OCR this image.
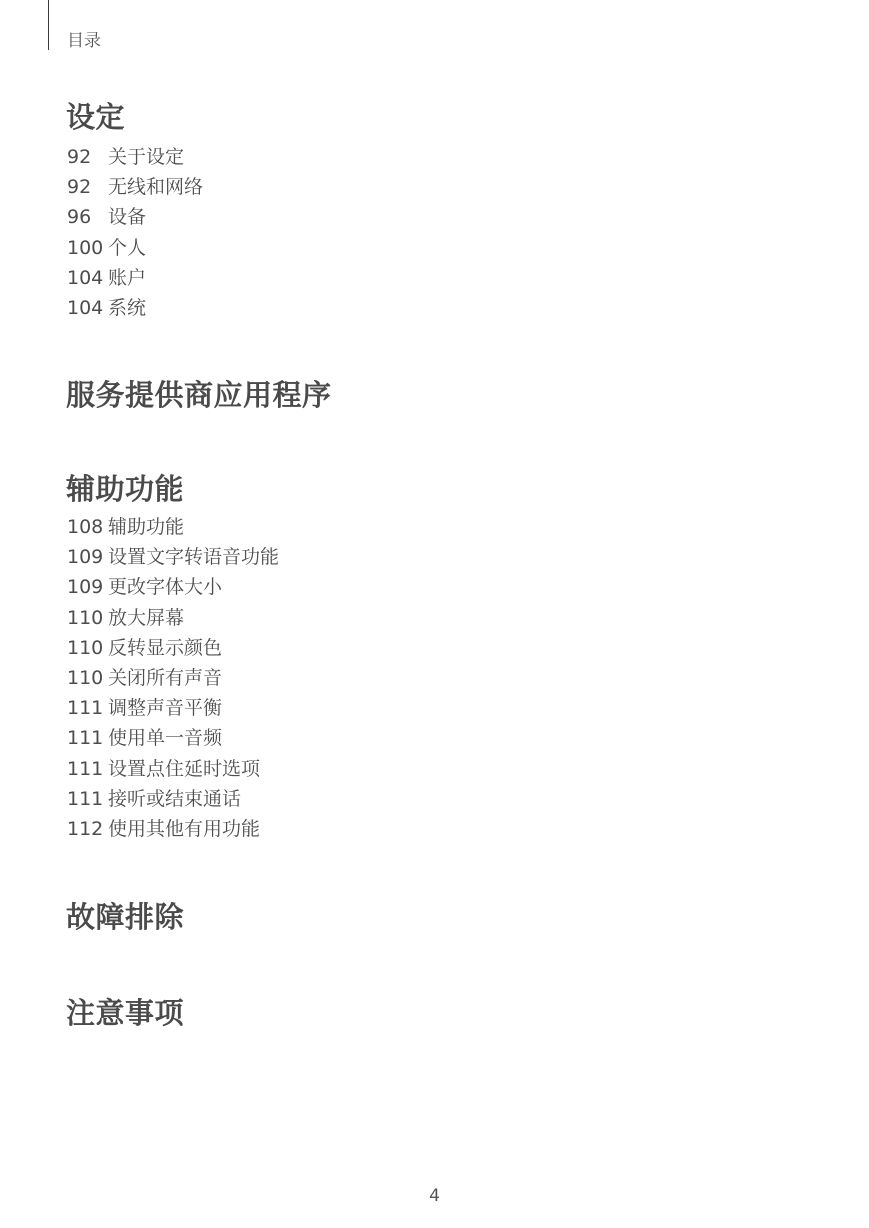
目录
设定
92 关于设定
92 无线和网络
96 设备
100 个人
104 账户
104 系统
服务提供商应用程序
辅助功能
108 辅助功能
109 设置文字转语音功能
109 更改字体大小
110 放大屏幕
110 反转显示颜色
110 关闭所有声音
111 调整声音平衡
111 使用单一音频
111 设置点住延时选项
111 接听或结束通话
112 使用其他有用功能
故障排除
注意事项
4
